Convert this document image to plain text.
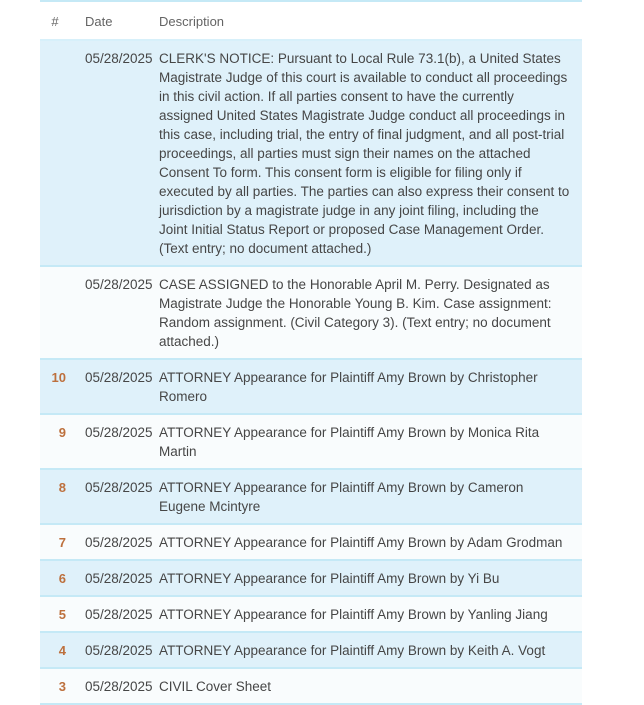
#	Date	Description
	05/28/2025	CLERK'S NOTICE: Pursuant to Local Rule 73.1(b), a United States Magistrate Judge of this court is available to conduct all proceedings in this civil action. If all parties consent to have the currently assigned United States Magistrate Judge conduct all proceedings in this case, including trial, the entry of final judgment, and all post-trial proceedings, all parties must sign their names on the attached Consent To form. This consent form is eligible for filing only if executed by all parties. The parties can also express their consent to jurisdiction by a magistrate judge in any joint filing, including the Joint Initial Status Report or proposed Case Management Order. (Text entry; no document attached.)
	05/28/2025	CASE ASSIGNED to the Honorable April M. Perry. Designated as Magistrate Judge the Honorable Young B. Kim. Case assignment: Random assignment. (Civil Category 3). (Text entry; no document attached.)
10	05/28/2025	ATTORNEY Appearance for Plaintiff Amy Brown by Christopher Romero
9	05/28/2025	ATTORNEY Appearance for Plaintiff Amy Brown by Monica Rita Martin
8	05/28/2025	ATTORNEY Appearance for Plaintiff Amy Brown by Cameron Eugene Mcintyre
7	05/28/2025	ATTORNEY Appearance for Plaintiff Amy Brown by Adam Grodman
6	05/28/2025	ATTORNEY Appearance for Plaintiff Amy Brown by Yi Bu
5	05/28/2025	ATTORNEY Appearance for Plaintiff Amy Brown by Yanling Jiang
4	05/28/2025	ATTORNEY Appearance for Plaintiff Amy Brown by Keith A. Vogt
3	05/28/2025	CIVIL Cover Sheet
